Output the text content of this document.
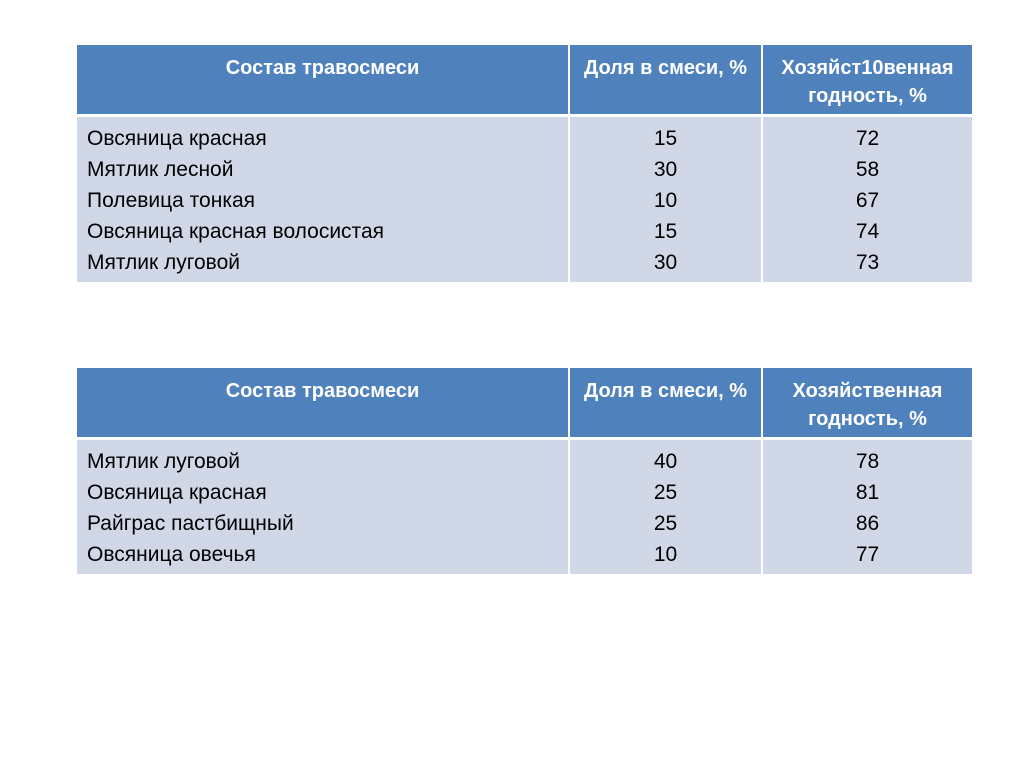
Состав травосмеси	Доля в смеси, %	Хозяйст10венная годность, %
Овсяница красная	15	72
Мятлик лесной	30	58
Полевица тонкая	10	67
Овсяница красная волосистая	15	74
Мятлик луговой	30	73
Состав травосмеси	Доля в смеси, %	Хозяйственная годность, %
Мятлик луговой	40	78
Овсяница красная	25	81
Райграс пастбищный	25	86
Овсяница овечья	10	77
